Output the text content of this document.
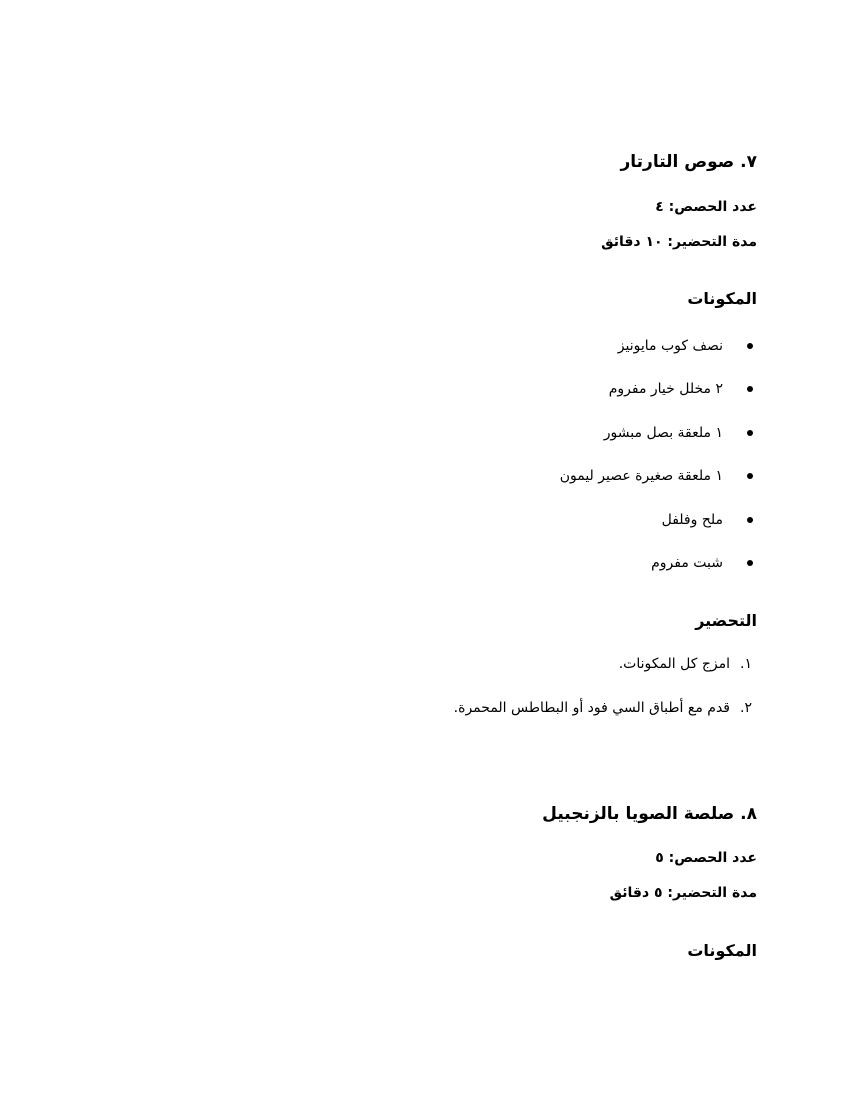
٧. صوص التارتار
عدد الحصص: ٤
مدة التحضير: ١٠ دقائق
المكونات
نصف كوب مايونيز
٢ مخلل خيار مفروم
١ ملعقة بصل مبشور
١ ملعقة صغيرة عصير ليمون
ملح وفلفل
شبت مفروم
التحضير
١.
امزج كل المكونات.
٢.
قدم مع أطباق السي فود أو البطاطس المحمرة.
٨. صلصة الصويا بالزنجبيل
عدد الحصص: ٥
مدة التحضير: ٥ دقائق
المكونات
